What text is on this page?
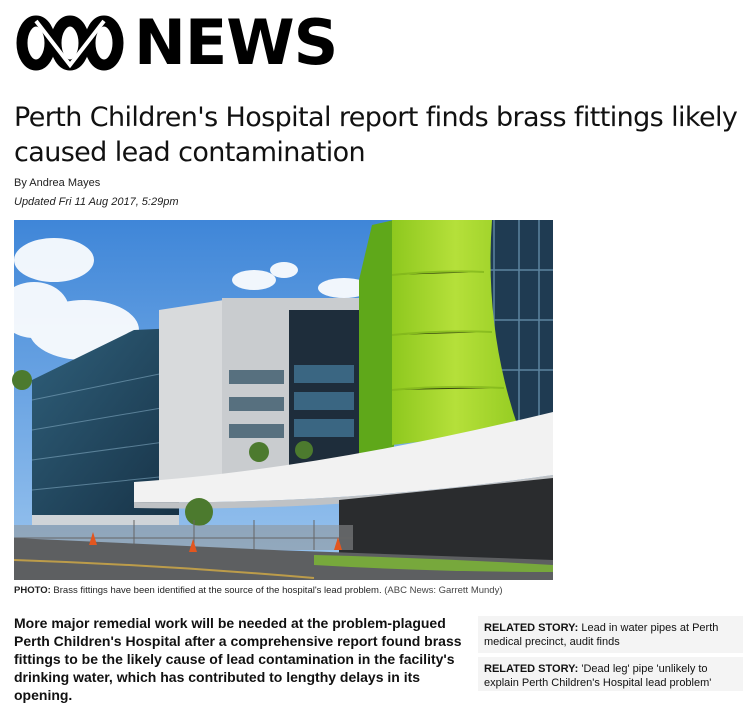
NEWS
Perth Children's Hospital report finds brass fittings likely caused lead contamination
By Andrea Mayes
Updated Fri 11 Aug 2017, 5:29pm
PHOTO: Brass fittings have been identified at the source of the hospital's lead problem. (ABC News: Garrett Mundy)

More major remedial work will be needed at the problem-plagued Perth Children's Hospital after a comprehensive report found brass fittings to be the likely cause of lead contamination in the facility's drinking water, which has contributed to lengthy delays in its opening.

RELATED STORY: Lead in water pipes at Perth medical precinct, audit finds
RELATED STORY: 'Dead leg' pipe 'unlikely to explain Perth Children's Hospital lead problem'
